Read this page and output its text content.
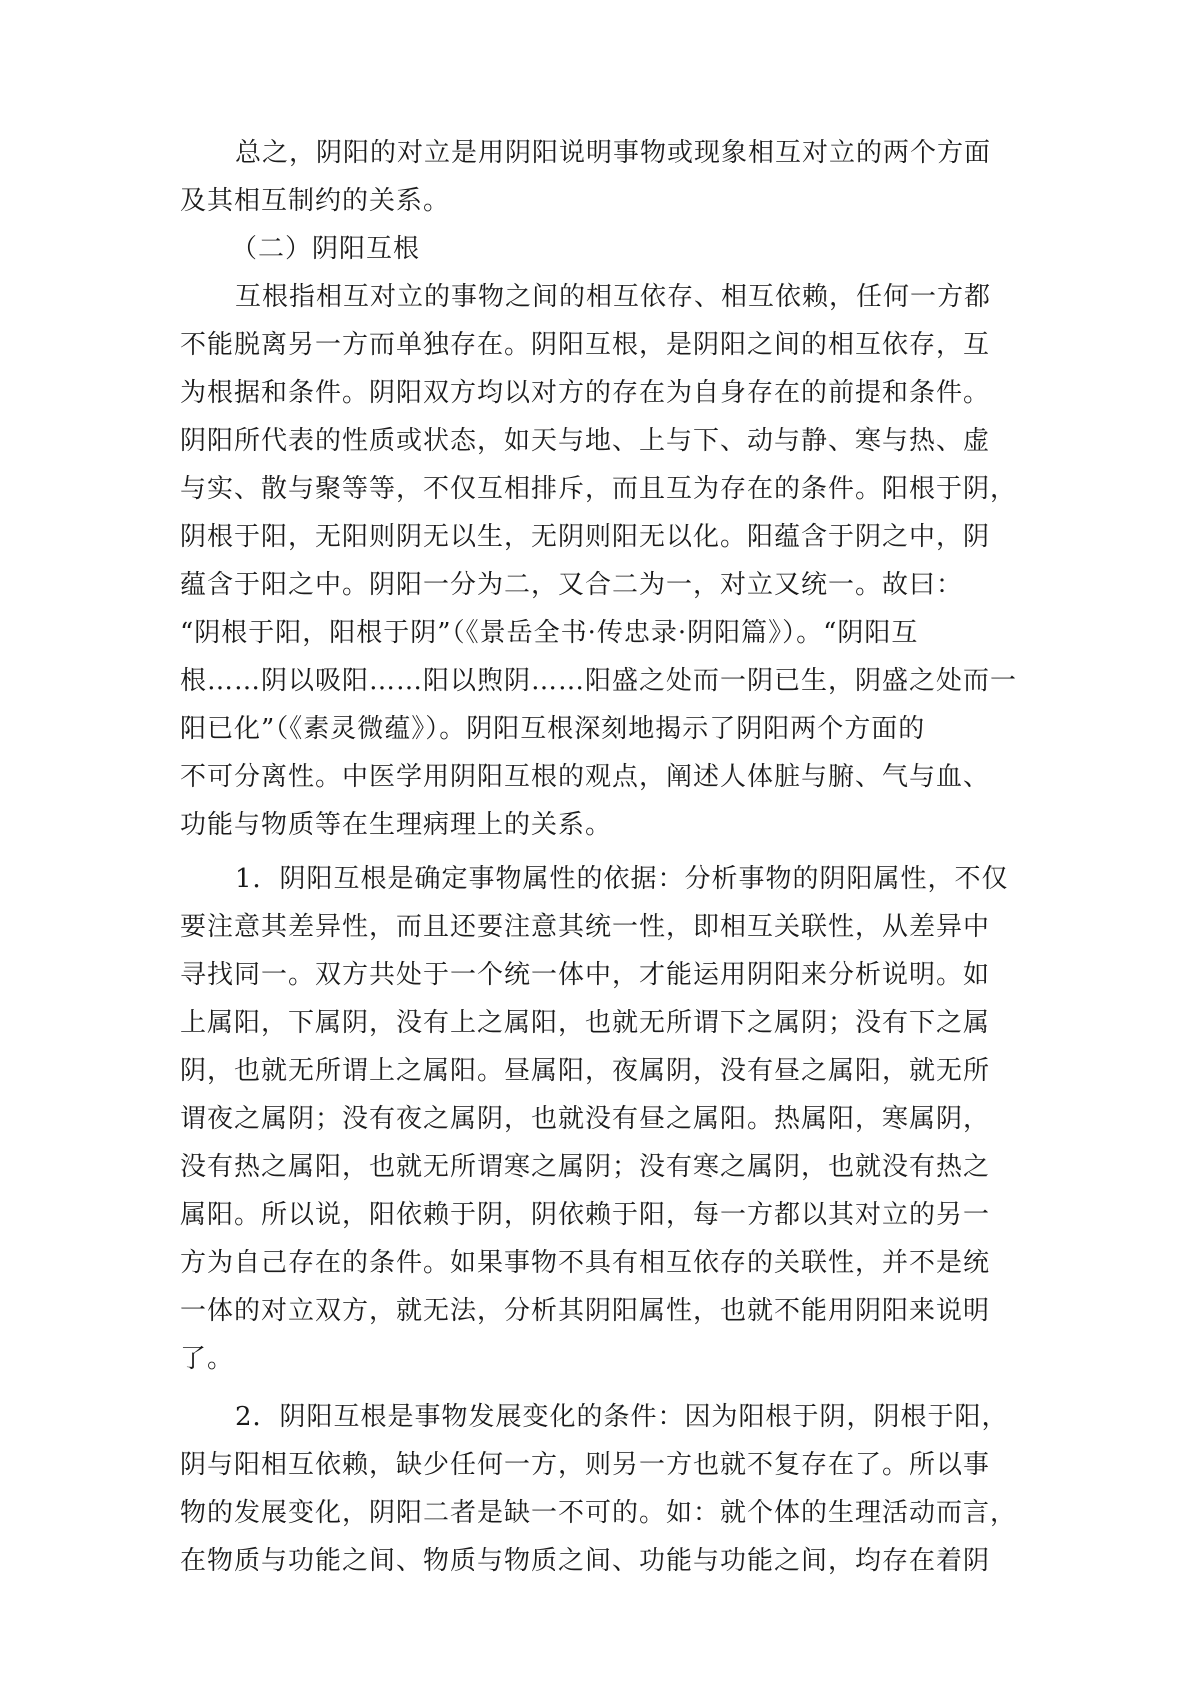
总之，阴阳的对立是用阴阳说明事物或现象相互对立的两个方面
及其相互制约的关系。
（二）阴阳互根
互根指相互对立的事物之间的相互依存、相互依赖，任何一方都
不能脱离另一方而单独存在。阴阳互根，是阴阳之间的相互依存，互
为根据和条件。阴阳双方均以对方的存在为自身存在的前提和条件。
阴阳所代表的性质或状态，如天与地、上与下、动与静、寒与热、虚
与实、散与聚等等，不仅互相排斥，而且互为存在的条件。阳根于阴，
阴根于阳，无阳则阴无以生，无阴则阳无以化。阳蕴含于阴之中，阴
蕴含于阳之中。阴阳一分为二，又合二为一，对立又统一。故曰：
“阴根于阳，阳根于阴”（《景岳全书·传忠录·阴阳篇》）。“阴阳互
根……阴以吸阳……阳以煦阴……阳盛之处而一阴已生，阴盛之处而一
阳已化”（《素灵微蕴》）。阴阳互根深刻地揭示了阴阳两个方面的
不可分离性。中医学用阴阳互根的观点，阐述人体脏与腑、气与血、
功能与物质等在生理病理上的关系。
1．阴阳互根是确定事物属性的依据：分析事物的阴阳属性，不仅
要注意其差异性，而且还要注意其统一性，即相互关联性，从差异中
寻找同一。双方共处于一个统一体中，才能运用阴阳来分析说明。如
上属阳，下属阴，没有上之属阳，也就无所谓下之属阴；没有下之属
阴，也就无所谓上之属阳。昼属阳，夜属阴，没有昼之属阳，就无所
谓夜之属阴；没有夜之属阴，也就没有昼之属阳。热属阳，寒属阴，
没有热之属阳，也就无所谓寒之属阴；没有寒之属阴，也就没有热之
属阳。所以说，阳依赖于阴，阴依赖于阳，每一方都以其对立的另一
方为自己存在的条件。如果事物不具有相互依存的关联性，并不是统
一体的对立双方，就无法，分析其阴阳属性，也就不能用阴阳来说明
了。
2．阴阳互根是事物发展变化的条件：因为阳根于阴，阴根于阳，
阴与阳相互依赖，缺少任何一方，则另一方也就不复存在了。所以事
物的发展变化，阴阳二者是缺一不可的。如：就个体的生理活动而言，
在物质与功能之间、物质与物质之间、功能与功能之间，均存在着阴
